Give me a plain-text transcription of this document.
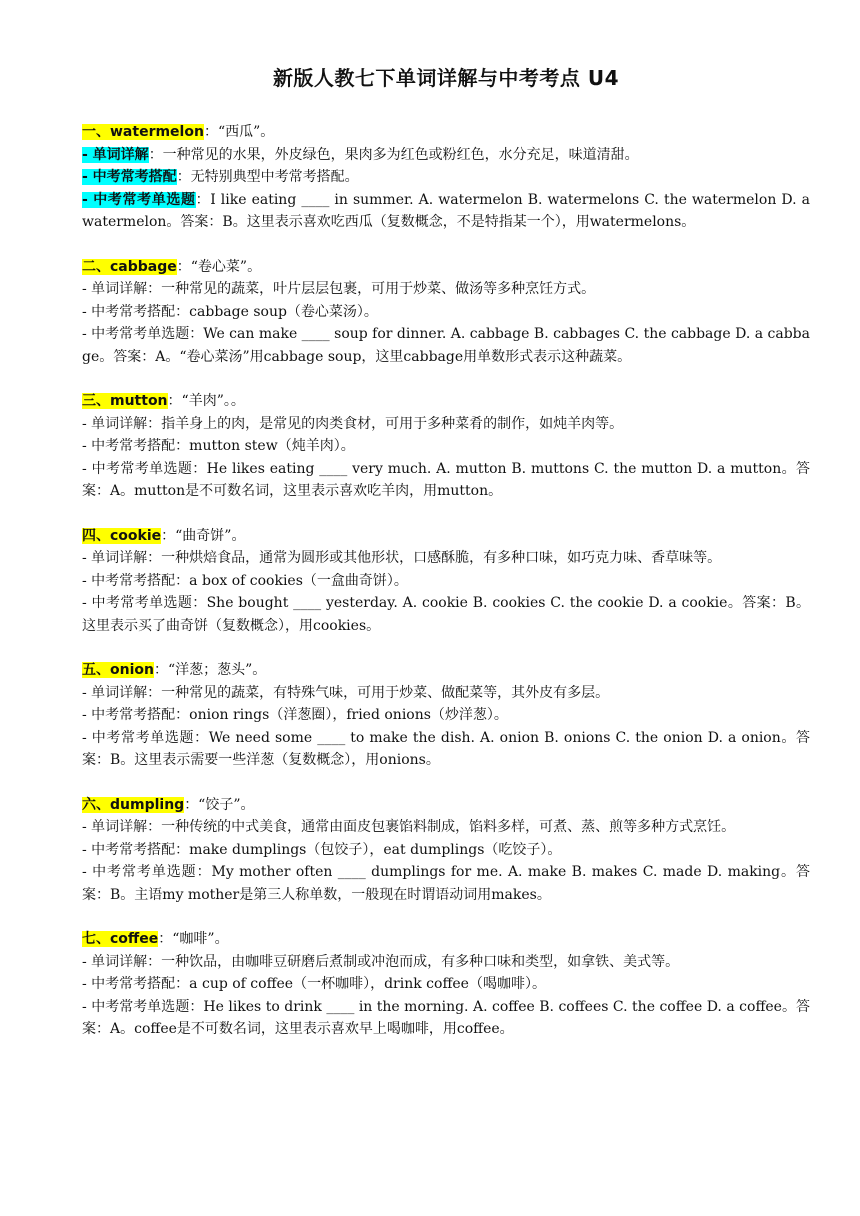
新版人教七下单词详解与中考考点 U4
一、watermelon：“西瓜”。
- 单词详解：一种常见的水果，外皮绿色，果肉多为红色或粉红色，水分充足，味道清甜。
- 中考常考搭配：无特别典型中考常考搭配。
- 中考常考单选题：I like eating ____ in summer. A. watermelon B. watermelons C. the watermelon D. a watermelon。答案：B。这里表示喜欢吃西瓜（复数概念，不是特指某一个），用watermelons。
二、cabbage：“卷心菜”。
- 单词详解：一种常见的蔬菜，叶片层层包裹，可用于炒菜、做汤等多种烹饪方式。
- 中考常考搭配：cabbage soup（卷心菜汤）。
- 中考常考单选题：We can make ____ soup for dinner. A. cabbage B. cabbages C. the cabbage D. a cabbage。答案：A。“卷心菜汤”用cabbage soup，这里cabbage用单数形式表示这种蔬菜。
三、mutton：“羊肉”。。
- 单词详解：指羊身上的肉，是常见的肉类食材，可用于多种菜肴的制作，如炖羊肉等。
- 中考常考搭配：mutton stew（炖羊肉）。
- 中考常考单选题：He likes eating ____ very much. A. mutton B. muttons C. the mutton D. a mutton。答案：A。mutton是不可数名词，这里表示喜欢吃羊肉，用mutton。
四、cookie：“曲奇饼”。
- 单词详解：一种烘焙食品，通常为圆形或其他形状，口感酥脆，有多种口味，如巧克力味、香草味等。
- 中考常考搭配：a box of cookies（一盒曲奇饼）。
- 中考常考单选题：She bought ____ yesterday. A. cookie B. cookies C. the cookie D. a cookie。答案：B。这里表示买了曲奇饼（复数概念），用cookies。
五、onion：“洋葱；葱头”。
- 单词详解：一种常见的蔬菜，有特殊气味，可用于炒菜、做配菜等，其外皮有多层。
- 中考常考搭配：onion rings（洋葱圈），fried onions（炒洋葱）。
- 中考常考单选题：We need some ____ to make the dish. A. onion B. onions C. the onion D. a onion。答案：B。这里表示需要一些洋葱（复数概念），用onions。
六、dumpling：“饺子”。
- 单词详解：一种传统的中式美食，通常由面皮包裹馅料制成，馅料多样，可煮、蒸、煎等多种方式烹饪。
- 中考常考搭配：make dumplings（包饺子），eat dumplings（吃饺子）。
- 中考常考单选题：My mother often ____ dumplings for me. A. make B. makes C. made D. making。答案：B。主语my mother是第三人称单数，一般现在时谓语动词用makes。
七、coffee：“咖啡”。
- 单词详解：一种饮品，由咖啡豆研磨后煮制或冲泡而成，有多种口味和类型，如拿铁、美式等。
- 中考常考搭配：a cup of coffee（一杯咖啡），drink coffee（喝咖啡）。
- 中考常考单选题：He likes to drink ____ in the morning. A. coffee B. coffees C. the coffee D. a coffee。答案：A。coffee是不可数名词，这里表示喜欢早上喝咖啡，用coffee。
